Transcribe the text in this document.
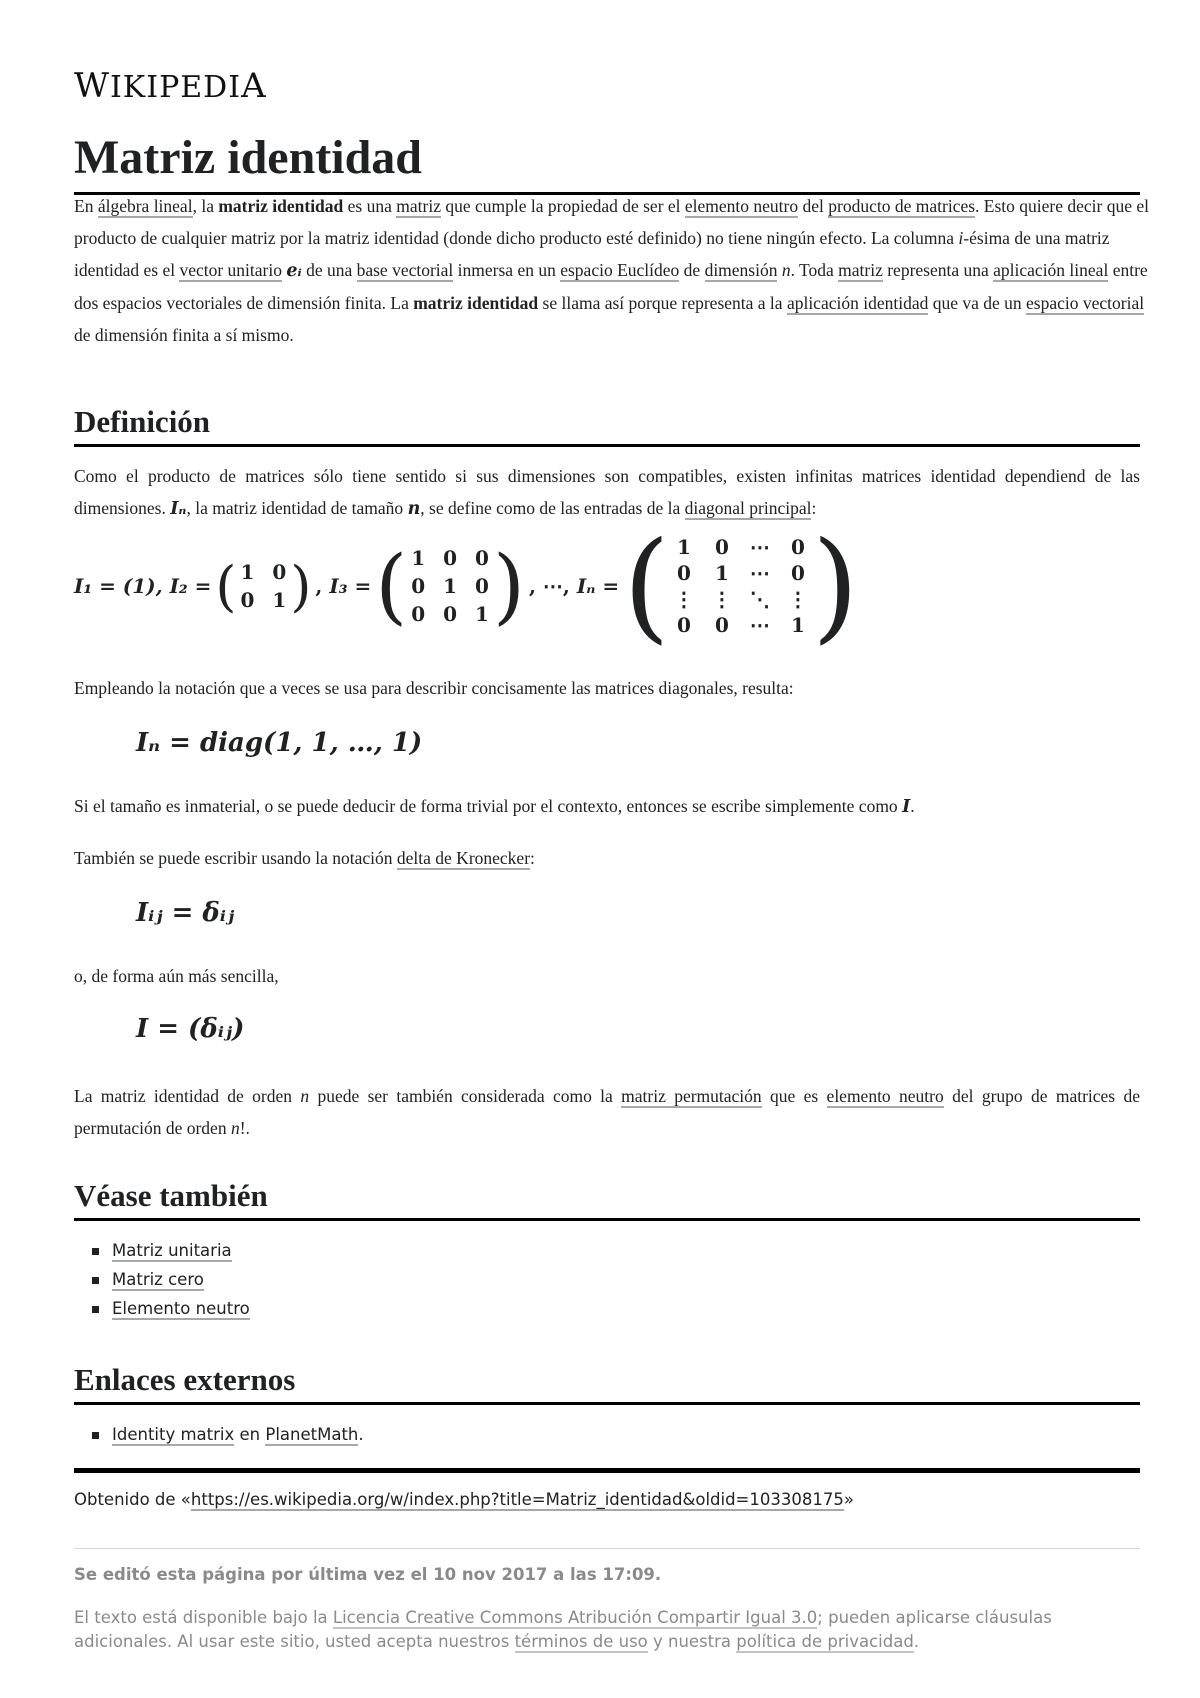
WIKIPEDIA
Matriz identidad

En álgebra lineal, la matriz identidad es una matriz que cumple la propiedad de ser el elemento neutro del producto de matrices. Esto quiere decir que el producto de cualquier matriz por la matriz identidad (donde dicho producto esté definido) no tiene ningún efecto. La columna i-ésima de una matriz identidad es el vector unitario eᵢ de una base vectorial inmersa en un espacio Euclídeo de dimensión n. Toda matriz representa una aplicación lineal entre dos espacios vectoriales de dimensión finita. La matriz identidad se llama así porque representa a la aplicación identidad que va de un espacio vectorial de dimensión finita a sí mismo.

Definición

Como el producto de matrices sólo tiene sentido si sus dimensiones son compatibles, existen infinitas matrices identidad dependiend de las dimensiones. Iₙ, la matriz identidad de tamaño n, se define como de las entradas de la diagonal principal:

I₁ = (1),
I₂ = ( 1 0
0 1 ) , I₃ = ( 1 0 0
0 1 0
0 0 1 ) , ⋯,
Iₙ = ( 1 0 ⋯ 0
0 1 ⋯ 0
⋮ ⋮ ⋱ ⋮
0 0 ⋯ 1 )

Empleando la notación que a veces se usa para describir concisamente las matrices diagonales, resulta:

Iₙ = diag(1, 1, …, 1)

Si el tamaño es inmaterial, o se puede deducir de forma trivial por el contexto, entonces se escribe simplemente como I.

También se puede escribir usando la notación delta de Kronecker:

Iᵢⱼ = δᵢⱼ

o, de forma aún más sencilla,

I = (δᵢⱼ)

La matriz identidad de orden n puede ser también considerada como la matriz permutación que es elemento neutro del grupo de matrices de permutación de orden n!.

Véase también
Matriz unitaria
Matriz cero
Elemento neutro
Enlaces externos
Identity matrix en PlanetMath.
Obtenido de «https://es.wikipedia.org/w/index.php?title=Matriz_identidad&oldid=103308175»
Se editó esta página por última vez el 10 nov 2017 a las 17:09.
El texto está disponible bajo la Licencia Creative Commons Atribución Compartir Igual 3.0; pueden aplicarse cláusulas adicionales. Al usar este sitio, usted acepta nuestros términos de uso y nuestra política de privacidad.
